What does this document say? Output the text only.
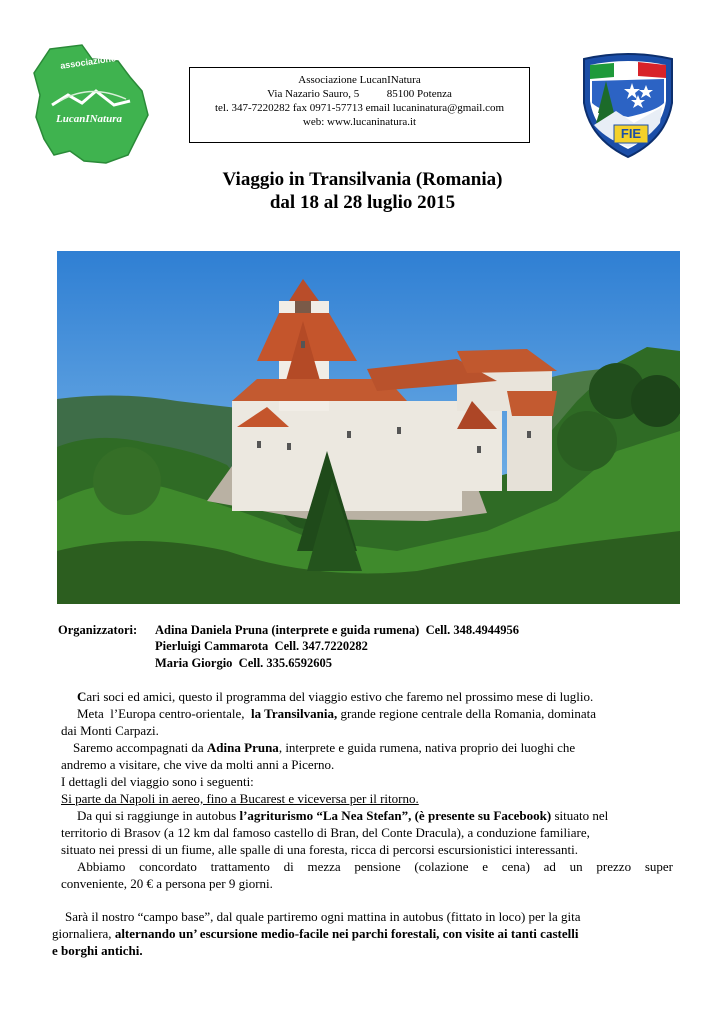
associazione
LucanINatura
Associazione LucanINatura
Via Nazario Sauro, 5          85100 Potenza
tel. 347-7220282 fax 0971-57713 email lucaninatura@gmail.com
web: www.lucaninatura.it
FIE
Viaggio in Transilvania (Romania)
dal 18 al 28 luglio 2015
Organizzatori: Adina Daniela Pruna (interprete e guida rumena)  Cell. 348.4944956
Pierluigi Cammarota  Cell. 347.7220282
Maria Giorgio  Cell. 335.6592605
Cari soci ed amici, questo il programma del viaggio estivo che faremo nel prossimo mese di luglio.
Meta  l’Europa centro-orientale,  la Transilvania, grande regione centrale della Romania, dominata
dai Monti Carpazi.
Saremo accompagnati da Adina Pruna, interprete e guida rumena, nativa proprio dei luoghi che
andremo a visitare, che vive da molti anni a Picerno.
I dettagli del viaggio sono i seguenti:
Si parte da Napoli in aereo, fino a Bucarest e viceversa per il ritorno.
Da qui si raggiunge in autobus l’agriturismo “La Nea Stefan”, (è presente su Facebook) situato nel
territorio di Brasov (a 12 km dal famoso castello di Bran, del Conte Dracula), a conduzione familiare,
situato nei pressi di un fiume, alle spalle di una foresta, ricca di percorsi escursionistici interessanti.
Abbiamo concordato trattamento di mezza pensione (colazione e cena) ad un prezzo super
conveniente, 20 € a persona per 9 giorni.
Sarà il nostro “campo base”, dal quale partiremo ogni mattina in autobus (fittato in loco) per la gita
giornaliera, alternando un’ escursione medio-facile nei parchi forestali, con visite ai tanti castelli
e borghi antichi.
